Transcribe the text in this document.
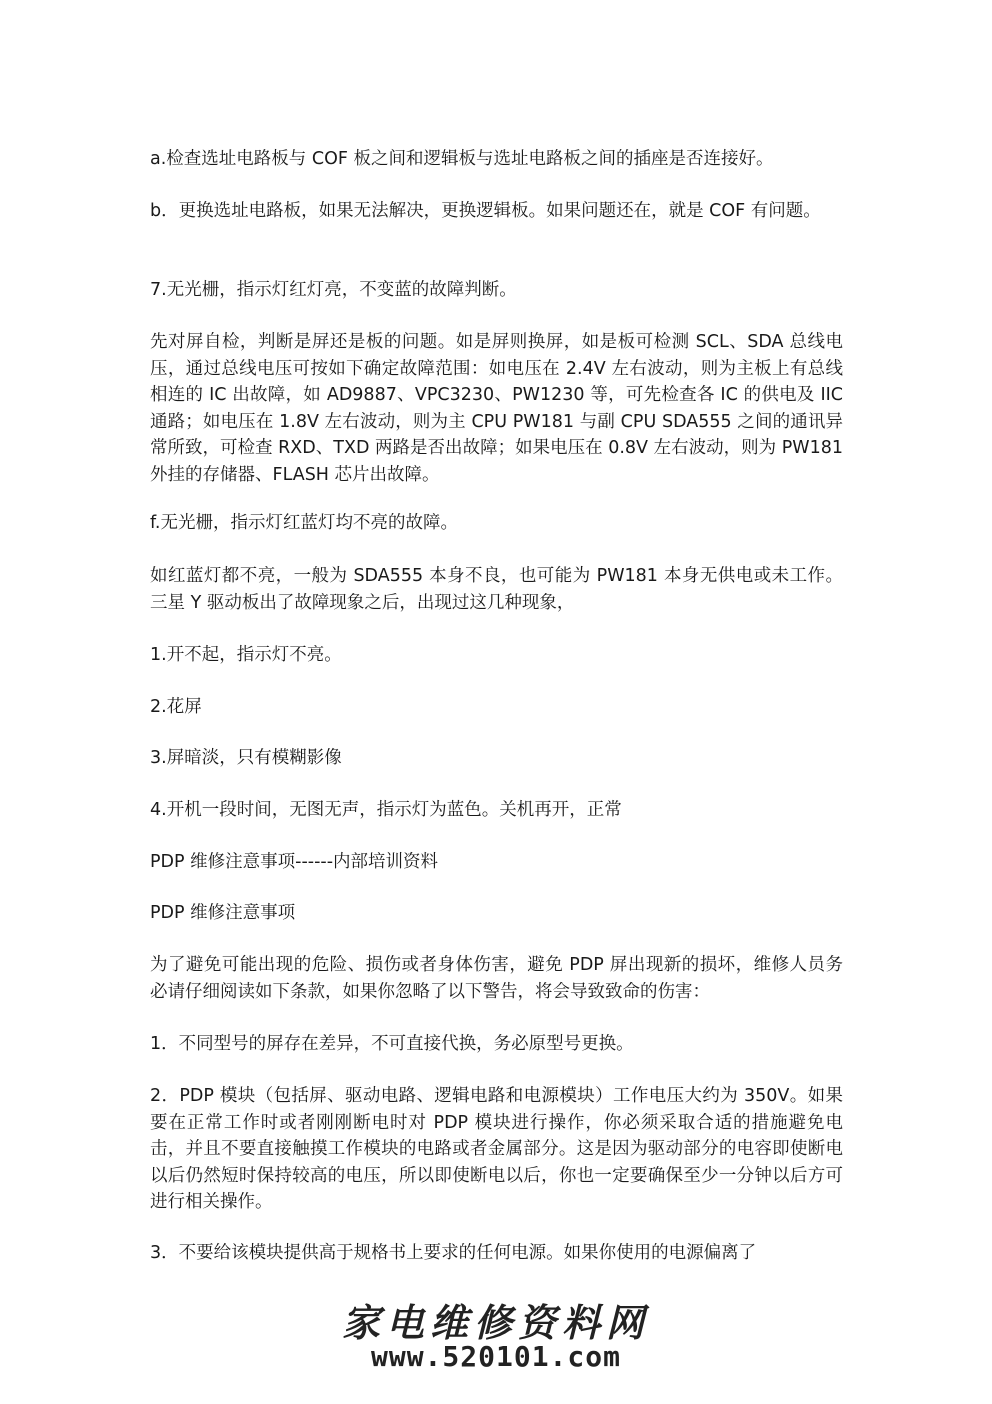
a.检查选址电路板与 COF 板之间和逻辑板与选址电路板之间的插座是否连接好。

b．更换选址电路板，如果无法解决，更换逻辑板。如果问题还在，就是 COF 有问题。

7.无光栅，指示灯红灯亮，不变蓝的故障判断。

先对屏自检，判断是屏还是板的问题。如是屏则换屏，如是板可检测 SCL、SDA 总线电压，通过总线电压可按如下确定故障范围：如电压在 2.4V 左右波动，则为主板上有总线相连的 IC 出故障，如 AD9887、VPC3230、PW1230 等，可先检查各 IC 的供电及 IIC 通路；如电压在 1.8V 左右波动，则为主 CPU PW181 与副 CPU SDA555 之间的通讯异常所致，可检查 RXD、TXD 两路是否出故障；如果电压在 0.8V 左右波动，则为 PW181 外挂的存储器、FLASH 芯片出故障。

f.无光栅，指示灯红蓝灯均不亮的故障。

如红蓝灯都不亮，一般为 SDA555 本身不良，也可能为 PW181 本身无供电或未工作。三星 Y 驱动板出了故障现象之后，出现过这几种现象，

1.开不起，指示灯不亮。

2.花屏

3.屏暗淡，只有模糊影像

4.开机一段时间，无图无声，指示灯为蓝色。关机再开，正常

PDP 维修注意事项------内部培训资料

PDP 维修注意事项

为了避免可能出现的危险、损伤或者身体伤害，避免 PDP 屏出现新的损坏，维修人员务必请仔细阅读如下条款，如果你忽略了以下警告，将会导致致命的伤害：

1．不同型号的屏存在差异，不可直接代换，务必原型号更换。

2．PDP 模块（包括屏、驱动电路、逻辑电路和电源模块）工作电压大约为 350V。如果要在正常工作时或者刚刚断电时对 PDP 模块进行操作，你必须采取合适的措施避免电击，并且不要直接触摸工作模块的电路或者金属部分。这是因为驱动部分的电容即使断电以后仍然短时保持较高的电压，所以即使断电以后，你也一定要确保至少一分钟以后方可进行相关操作。

3．不要给该模块提供高于规格书上要求的任何电源。如果你使用的电源偏离了

家电维修资料网
www.520101.com
